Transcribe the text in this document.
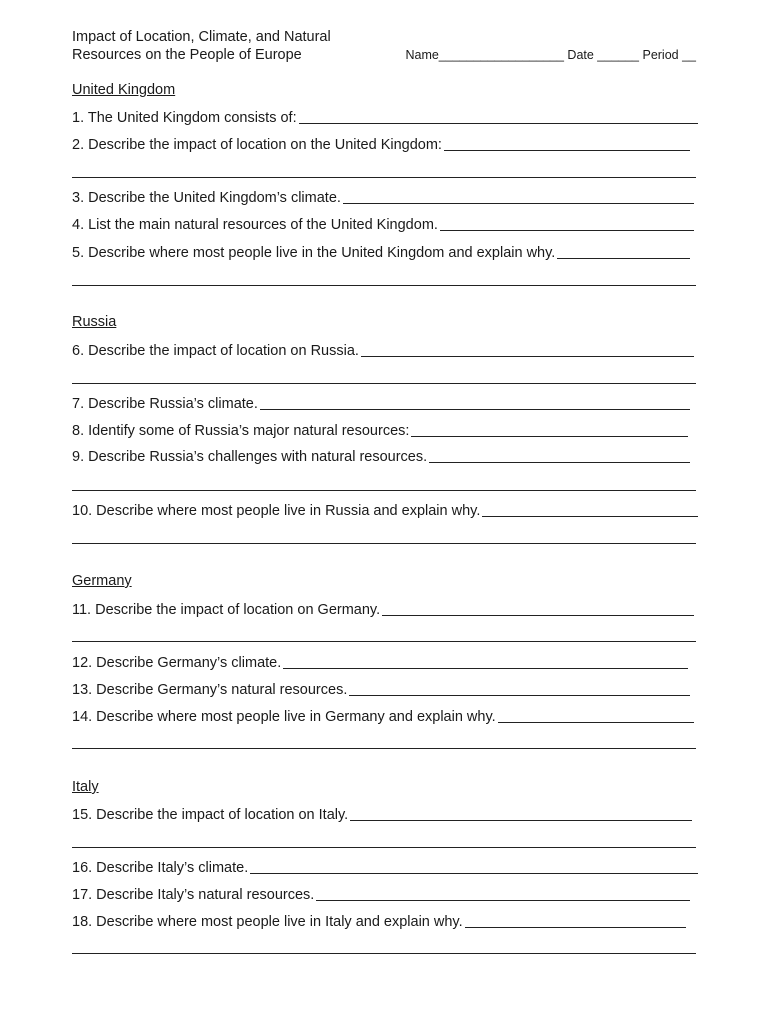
Impact of Location, Climate, and Natural
Resources on the People of Europe	Name__________________ Date ______ Period __
United Kingdom
1. The United Kingdom consists of:
2. Describe the impact of location on the United Kingdom:
3. Describe the United Kingdom’s climate.
4. List the main natural resources of the United Kingdom.
5. Describe where most people live in the United Kingdom and explain why.
Russia
6. Describe the impact of location on Russia.
7. Describe Russia’s climate.
8. Identify some of Russia’s major natural resources:
9. Describe Russia’s challenges with natural resources.
10. Describe where most people live in Russia and explain why.
Germany
11. Describe the impact of location on Germany.
12. Describe Germany’s climate.
13. Describe Germany’s natural resources.
14. Describe where most people live in Germany and explain why.
Italy
15. Describe the impact of location on Italy.
16. Describe Italy’s climate.
17. Describe Italy’s natural resources.
18. Describe where most people live in Italy and explain why.
